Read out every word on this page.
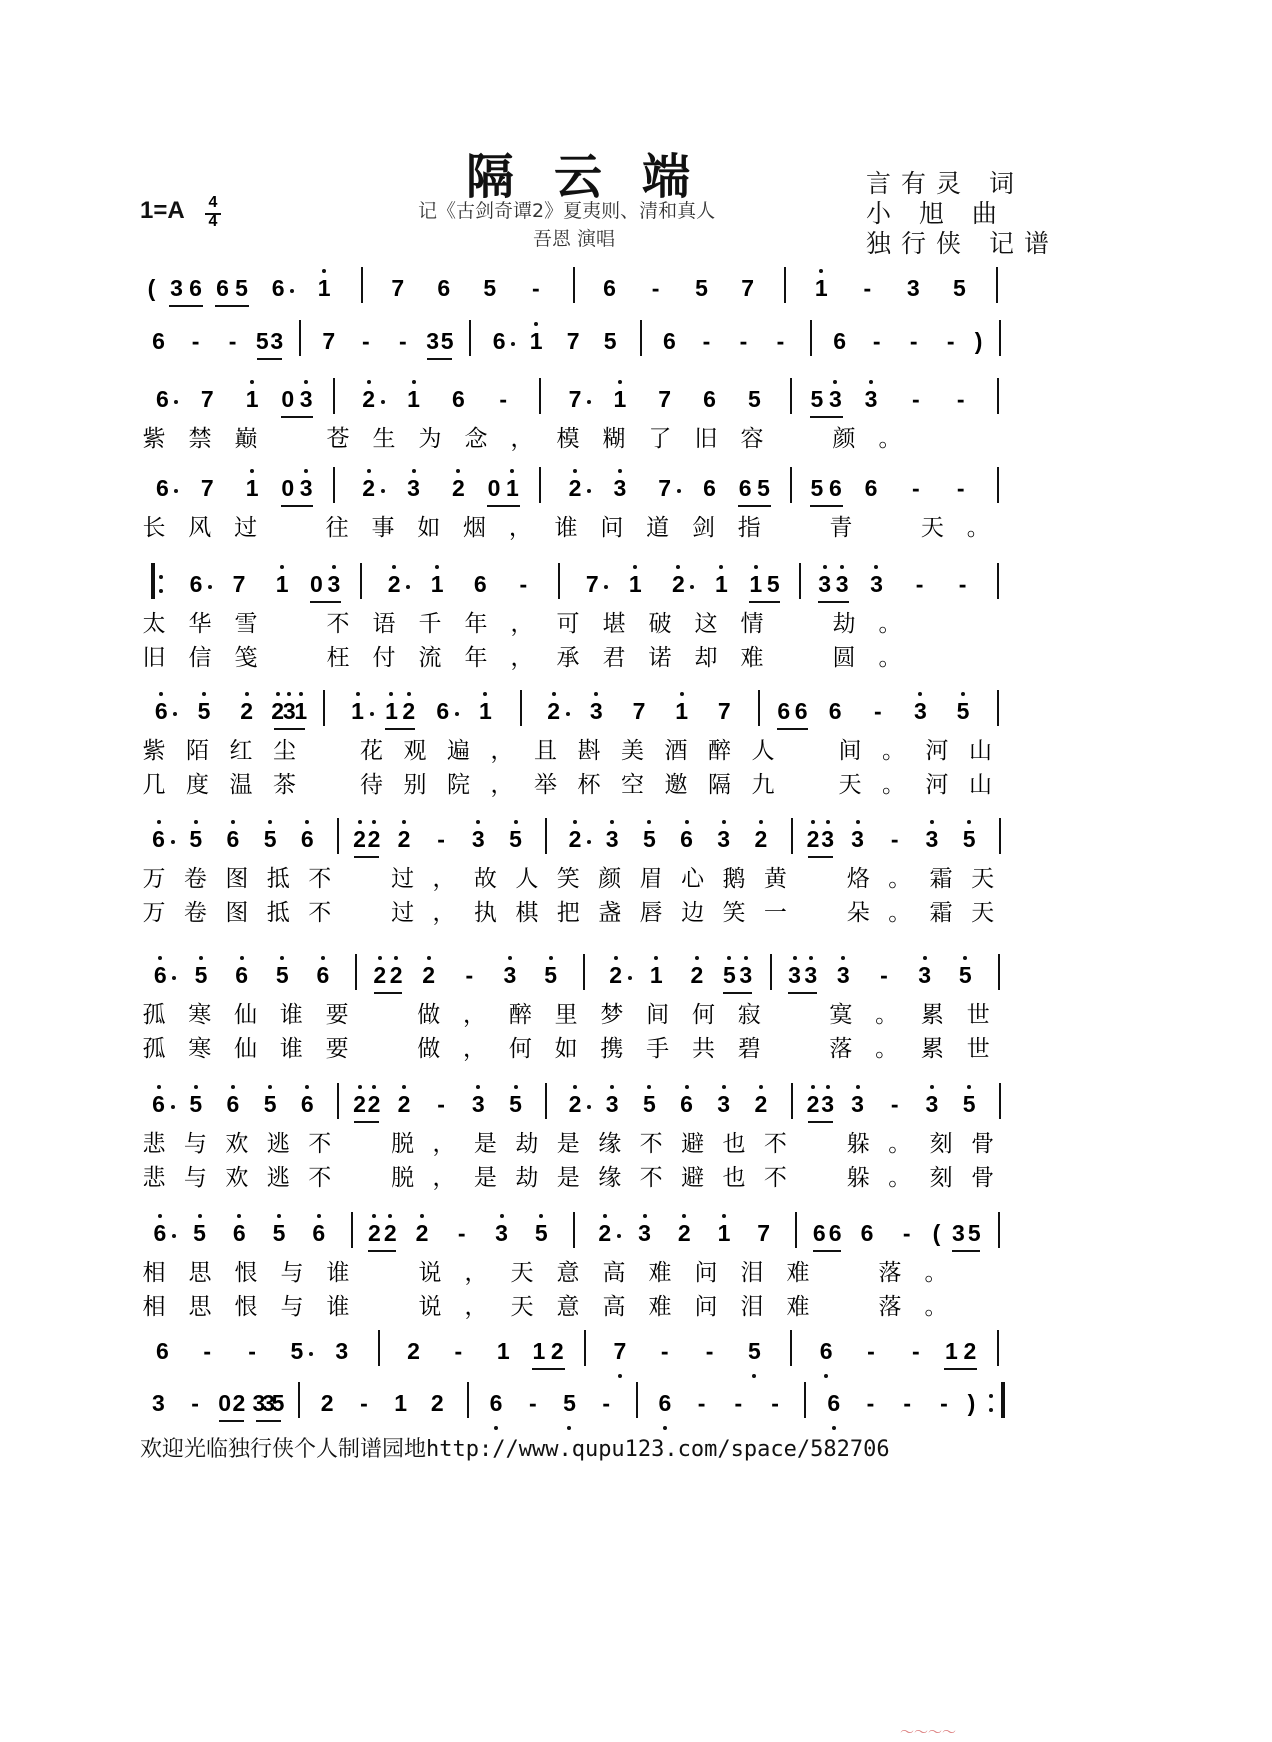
隔云端
记《古剑奇谭2》夏夷则、清和真人
吾恩 演唱
1=A 4
4
言有灵 词
小 旭 曲
独行侠 记谱
( 3 6 6 5 6 1	7 6 5 -	6 - 5 7	1 - 3 5
6 - - 5 3 7 - - 3 5 6 1 7 5 6 - - - 6 - - - )
6 7 1 0 3 2 1 6 -	7 1 7 6 5 5 3 3 - -
紫 禁 巅	苍 生 为 念 ， 模 糊 了 旧 容	颜 。
6 7 1 0 3 2 3 2 0 1 2 3 7 6 6 5 5 6 6 - -
长 风 过	往 事 如 烟 ， 谁 问 道 剑 指	青	天 。
6 7 1 0 3 2 1 6 -	7 1 2 1 1 5 3 3 3 - -
太 华 雪	不 语 千 年 ， 可 堪 破 这 情	劫 。
旧 信 笺	枉 付 流 年 ， 承 君 诺 却 难	圆 。
6 5 2 2
3
1 1 1 2 6 1 2 3 7 1 7 6 6 6 - 3 5
紫 陌 红 尘	花 观 遍 ， 且 斟 美 酒 醉 人	间 。 河 山
几 度 温 茶	待 别 院 ， 举 杯 空 邀 隔 九	天 。 河 山
6 5 6 5 6 2 2 2 - 3 5 2 3 5 6 3 2 2 3 3 - 3 5
万 卷 图 抵 不	过 ， 故 人 笑 颜 眉 心 鹅 黄	烙 。 霜 天
万 卷 图 抵 不	过 ， 执 棋 把 盏 唇 边 笑 一	朵 。 霜 天
6 5 6 5 6 2 2 2 - 3 5 2 1 2 5 3 3 3 3 - 3 5
孤 寒 仙 谁 要	做 ， 醉 里 梦 间 何 寂	寞 。 累 世
孤 寒 仙 谁 要	做 ， 何 如 携 手 共 碧	落 。 累 世
6 5 6 5 6 2 2 2 - 3 5 2 3 5 6 3 2 2 3 3 - 3 5
悲 与 欢 逃 不	脱 ， 是 劫 是 缘 不 避 也 不	躲 。 刻 骨
悲 与 欢 逃 不	脱 ， 是 劫 是 缘 不 避 也 不	躲 。 刻 骨
6 5 6 5 6 2 2 2 - 3 5 2 3 2 1 7 6 6 6 - ( 3 5
相 思 恨 与 谁	说 ， 天 意 高 难 问 泪 难	落 。
相 思 恨 与 谁	说 ， 天 意 高 难 问 泪 难	落 。
6 - - 5 3	2 - 1 1 2 7 - - 5	6 - - 1 2
3 - 0 2 3
3
5 2 - 1 2 6 - 5 - 6 - - - 6 - - - )
欢迎光临独行侠个人制谱园地http://www.qupu123.com/space/582706
～～～～
